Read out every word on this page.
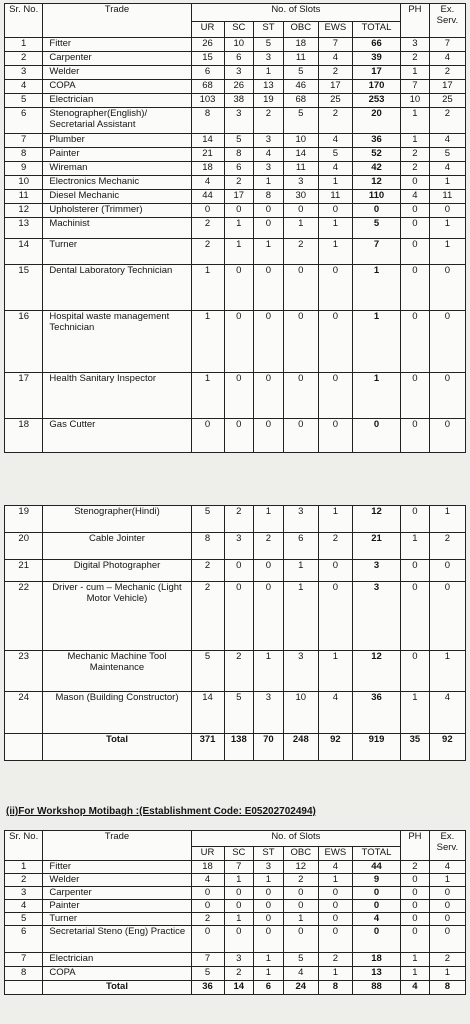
Sr. No.	Trade	No. of Slots						PH	Ex. Serv.
		UR	SC	ST	OBC	EWS	TOTAL		
1	Fitter	26	10	5	18	7	66	3	7
2	Carpenter	15	6	3	11	4	39	2	4
3	Welder	6	3	1	5	2	17	1	2
4	COPA	68	26	13	46	17	170	7	17
5	Electrician	103	38	19	68	25	253	10	25
6	Stenographer(English)/ Secretarial Assistant	8	3	2	5	2	20	1	2
7	Plumber	14	5	3	10	4	36	1	4
8	Painter	21	8	4	14	5	52	2	5
9	Wireman	18	6	3	11	4	42	2	4
10	Electronics Mechanic	4	2	1	3	1	12	0	1
11	Diesel Mechanic	44	17	8	30	11	110	4	11
12	Upholsterer (Trimmer)	0	0	0	0	0	0	0	0
13	Machinist	2	1	0	1	1	5	0	1
14	Turner	2	1	1	2	1	7	0	1
15	Dental Laboratory Technician	1	0	0	0	0	1	0	0
16	Hospital waste management Technician	1	0	0	0	0	1	0	0
17	Health Sanitary Inspector	1	0	0	0	0	1	0	0
18	Gas Cutter	0	0	0	0	0	0	0	0
19	Stenographer(Hindi)	5	2	1	3	1	12	0	1
20	Cable Jointer	8	3	2	6	2	21	1	2
21	Digital Photographer	2	0	0	1	0	3	0	0
22	Driver - cum – Mechanic (Light Motor Vehicle)	2	0	0	1	0	3	0	0
23	Mechanic Machine Tool Maintenance	5	2	1	3	1	12	0	1
24	Mason (Building Constructor)	14	5	3	10	4	36	1	4
	Total	371	138	70	248	92	919	35	92
(ii)For Workshop Motibagh :(Establishment Code: E05202702494)
Sr. No.	Trade	No. of Slots						PH	Ex. Serv.
		UR	SC	ST	OBC	EWS	TOTAL		
1	Fitter	18	7	3	12	4	44	2	4
2	Welder	4	1	1	2	1	9	0	1
3	Carpenter	0	0	0	0	0	0	0	0
4	Painter	0	0	0	0	0	0	0	0
5	Turner	2	1	0	1	0	4	0	0
6	Secretarial Steno (Eng) Practice	0	0	0	0	0	0	0	0
7	Electrician	7	3	1	5	2	18	1	2
8	COPA	5	2	1	4	1	13	1	1
	Total	36	14	6	24	8	88	4	8
